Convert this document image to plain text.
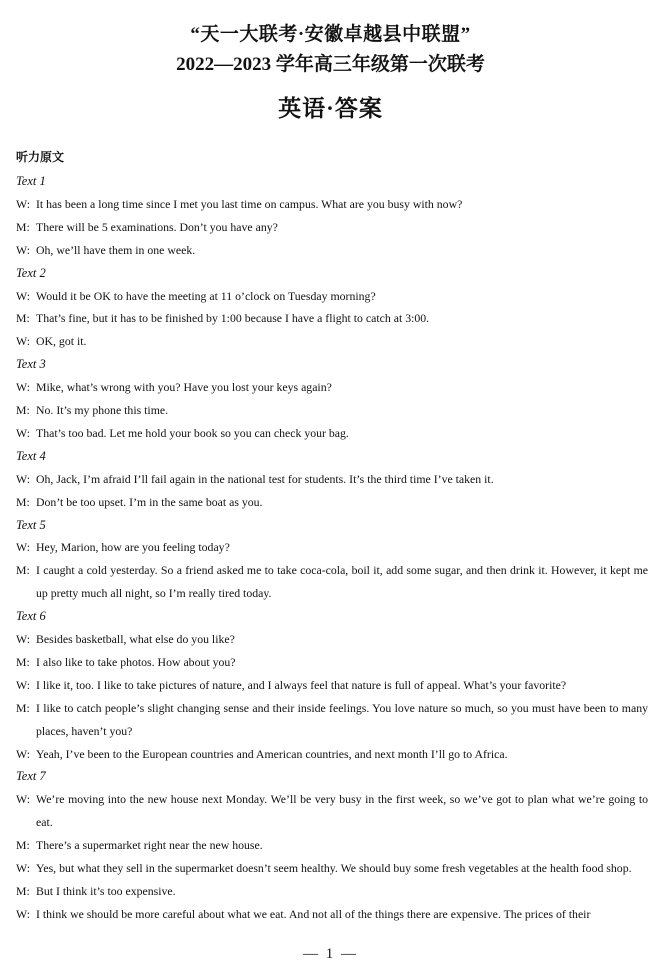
“天一大联考·安徽卓越县中联盟”
2022—2023 学年高三年级第一次联考
英语·答案
听力原文
Text 1
W: It has been a long time since I met you last time on campus. What are you busy with now?
M: There will be 5 examinations. Don’t you have any?
W: Oh, we’ll have them in one week.
Text 2
W: Would it be OK to have the meeting at 11 o’clock on Tuesday morning?
M: That’s fine, but it has to be finished by 1:00 because I have a flight to catch at 3:00.
W: OK, got it.
Text 3
W: Mike, what’s wrong with you? Have you lost your keys again?
M: No. It’s my phone this time.
W: That’s too bad. Let me hold your book so you can check your bag.
Text 4
W: Oh, Jack, I’m afraid I’ll fail again in the national test for students. It’s the third time I’ve taken it.
M: Don’t be too upset. I’m in the same boat as you.
Text 5
W: Hey, Marion, how are you feeling today?
M: I caught a cold yesterday. So a friend asked me to take coca-cola, boil it, add some sugar, and then drink it. However, it kept me up pretty much all night, so I’m really tired today.
Text 6
W: Besides basketball, what else do you like?
M: I also like to take photos. How about you?
W: I like it, too. I like to take pictures of nature, and I always feel that nature is full of appeal. What’s your favorite?
M: I like to catch people’s slight changing sense and their inside feelings. You love nature so much, so you must have been to many places, haven’t you?
W: Yeah, I’ve been to the European countries and American countries, and next month I’ll go to Africa.
Text 7
W: We’re moving into the new house next Monday. We’ll be very busy in the first week, so we’ve got to plan what we’re going to eat.
M: There’s a supermarket right near the new house.
W: Yes, but what they sell in the supermarket doesn’t seem healthy. We should buy some fresh vegetables at the health food shop.
M: But I think it’s too expensive.
W: I think we should be more careful about what we eat. And not all of the things there are expensive. The prices of their
— 1 —
